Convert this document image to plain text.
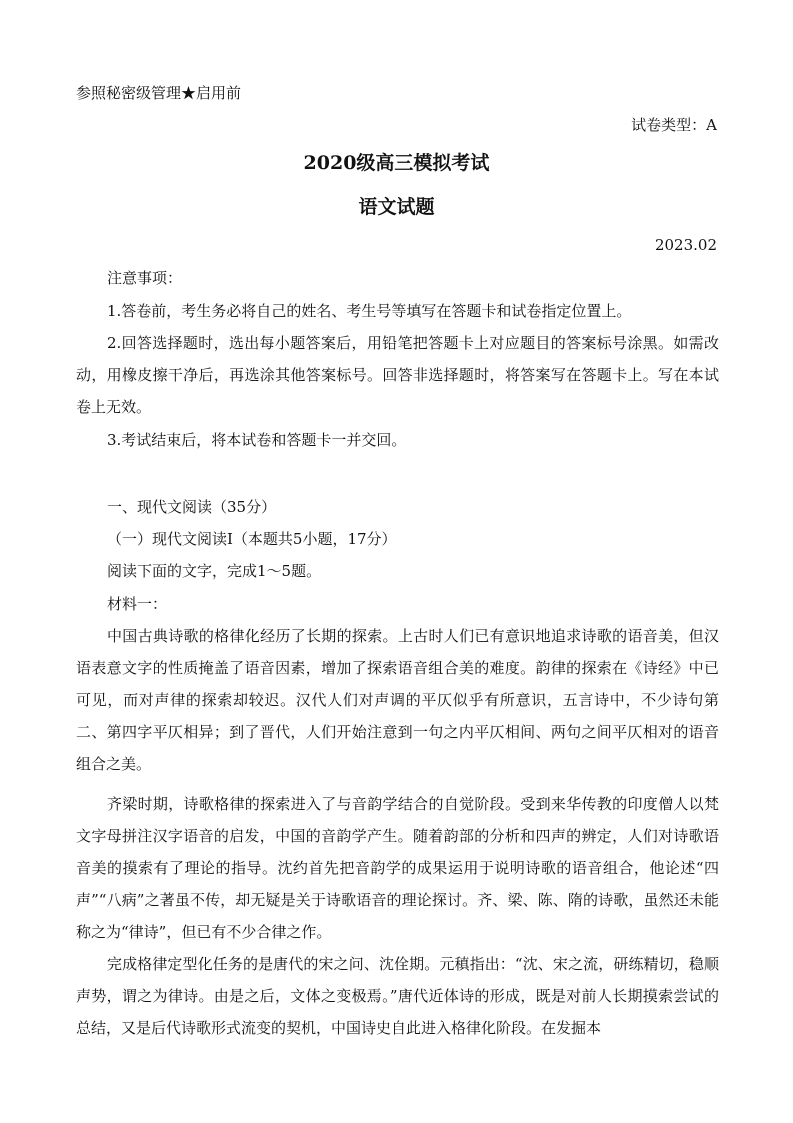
参照秘密级管理★启用前
试卷类型：A
2020级高三模拟考试
语文试题
2023.02
注意事项：

1.答卷前，考生务必将自己的姓名、考生号等填写在答题卡和试卷指定位置上。

2.回答选择题时，选出每小题答案后，用铅笔把答题卡上对应题目的答案标号涂黑。如需改动，用橡皮擦干净后，再选涂其他答案标号。回答非选择题时，将答案写在答题卡上。写在本试卷上无效。

3.考试结束后，将本试卷和答题卡一并交回。

一、现代文阅读（35分）
（一）现代文阅读Ⅰ（本题共5小题，17分）
阅读下面的文字，完成1～5题。
材料一：

中国古典诗歌的格律化经历了长期的探索。上古时人们已有意识地追求诗歌的语音美，但汉语表意文字的性质掩盖了语音因素，增加了探索语音组合美的难度。韵律的探索在《诗经》中已可见，而对声律的探索却较迟。汉代人们对声调的平仄似乎有所意识，五言诗中，不少诗句第二、第四字平仄相异；到了晋代，人们开始注意到一句之内平仄相间、两句之间平仄相对的语音组合之美。

齐梁时期，诗歌格律的探索进入了与音韵学结合的自觉阶段。受到来华传教的印度僧人以梵文字母拼注汉字语音的启发，中国的音韵学产生。随着韵部的分析和四声的辨定，人们对诗歌语音美的摸索有了理论的指导。沈约首先把音韵学的成果运用于说明诗歌的语音组合，他论述“四声”“八病”之著虽不传，却无疑是关于诗歌语音的理论探讨。齐、梁、陈、隋的诗歌，虽然还未能称之为“律诗”，但已有不少合律之作。

完成格律定型化任务的是唐代的宋之问、沈佺期。元稹指出：“沈、宋之流，研练精切，稳顺声势，谓之为律诗。由是之后，文体之变极焉。”唐代近体诗的形成，既是对前人长期摸索尝试的总结，又是后代诗歌形式流变的契机，中国诗史自此进入格律化阶段。在发掘本
